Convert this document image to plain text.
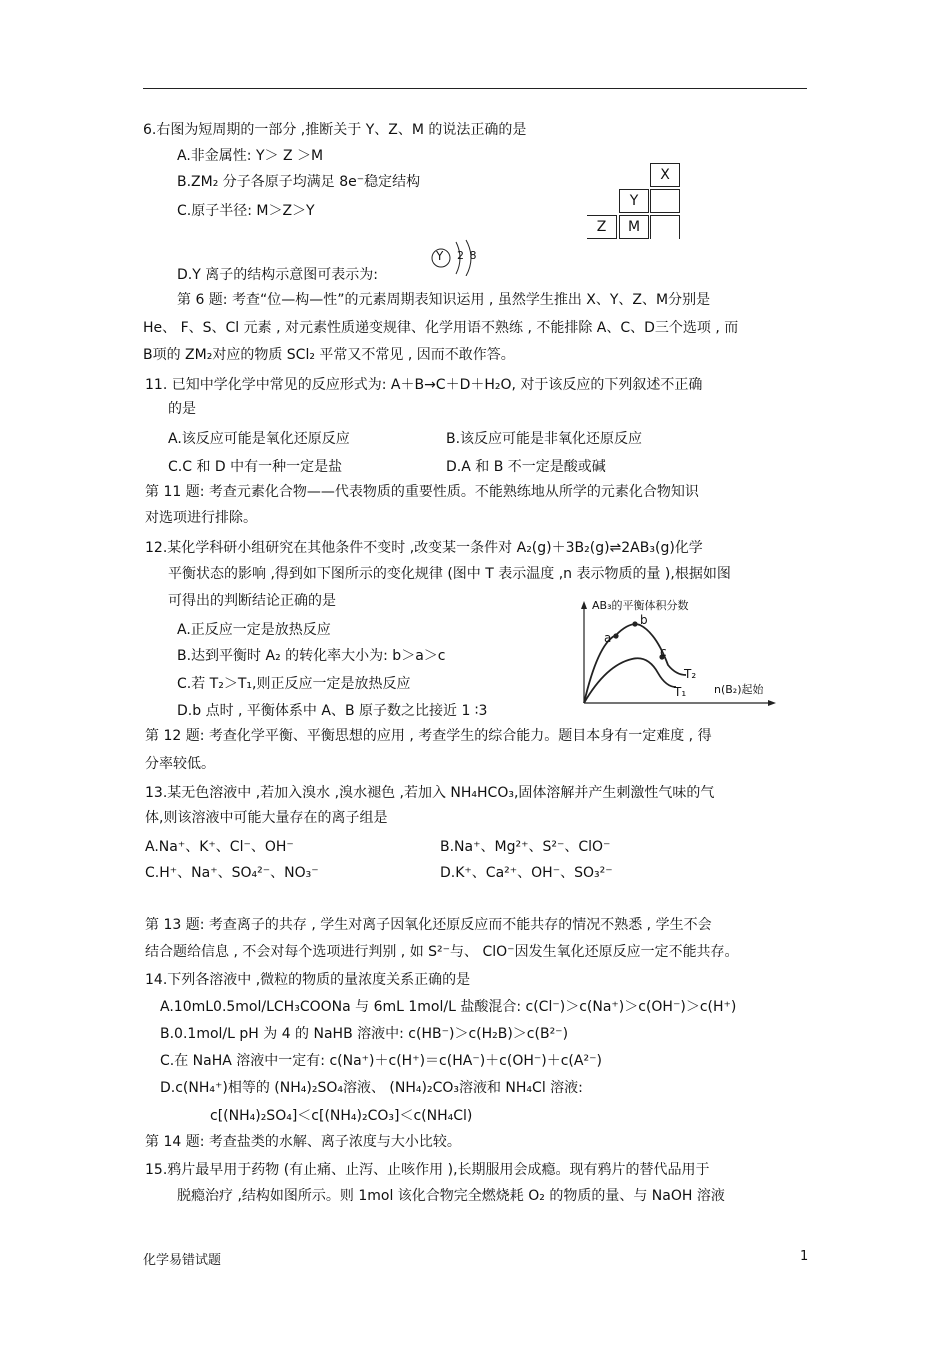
6.右图为短周期的一部分 ,推断关于 Y、Z、M 的说法正确的是
A.非金属性: Y＞ Z ＞M
B.ZM₂ 分子各原子均满足 8e⁻稳定结构
C.原子半径: M＞Z＞Y
X
Y
Z	M
Y 2 8
D.Y 离子的结构示意图可表示为:
第 6 题: 考查“位—构—性”的元素周期表知识运用 , 虽然学生推出 X、Y、Z、M分别是
He、 F、S、Cl 元素 , 对元素性质递变规律、化学用语不熟练 , 不能排除 A、C、D三个选项 , 而
B项的 ZM₂对应的物质 SCl₂ 平常又不常见 , 因而不敢作答。
11. 已知中学化学中常见的反应形式为: A＋B→C＋D＋H₂O, 对于该反应的下列叙述不正确
的是
A.该反应可能是氧化还原反应	B.该反应可能是非氧化还原反应
C.C 和 D 中有一种一定是盐	D.A 和 B 不一定是酸或碱
第 11 题: 考查元素化合物——代表物质的重要性质。不能熟练地从所学的元素化合物知识
对选项进行排除。
12.某化学科研小组研究在其他条件不变时 ,改变某一条件对 A₂(g)＋3B₂(g)⇌2AB₃(g)化学
平衡状态的影响 ,得到如下图所示的变化规律 (图中 T 表示温度 ,n 表示物质的量 ),根据如图
可得出的判断结论正确的是
A.正反应一定是放热反应
B.达到平衡时 A₂ 的转化率大小为: b＞a＞c
C.若 T₂＞T₁,则正反应一定是放热反应
D.b 点时 , 平衡体系中 A、B 原子数之比接近 1 ∶3
AB₃的平衡体积分数
a
b
c
T₂
T₁	n(B₂)起始
第 12 题: 考查化学平衡、平衡思想的应用 , 考查学生的综合能力。题目本身有一定难度 , 得
分率较低。
13.某无色溶液中 ,若加入溴水 ,溴水褪色 ,若加入 NH₄HCO₃,固体溶解并产生刺激性气味的气
体,则该溶液中可能大量存在的离子组是
A.Na⁺、K⁺、Cl⁻、OH⁻	B.Na⁺、Mg²⁺、S²⁻、ClO⁻
C.H⁺、Na⁺、SO₄²⁻、NO₃⁻	D.K⁺、Ca²⁺、OH⁻、SO₃²⁻
第 13 题: 考查离子的共存 , 学生对离子因氧化还原反应而不能共存的情况不熟悉 , 学生不会
结合题给信息 , 不会对每个选项进行判别 , 如 S²⁻与、 ClO⁻因发生氧化还原反应一定不能共存。
14.下列各溶液中 ,微粒的物质的量浓度关系正确的是
A.10mL0.5mol/LCH₃COONa 与 6mL 1mol/L 盐酸混合: c(Cl⁻)＞c(Na⁺)＞c(OH⁻)＞c(H⁺)
B.0.1mol/L pH 为 4 的 NaHB 溶液中: c(HB⁻)＞c(H₂B)＞c(B²⁻)
C.在 NaHA 溶液中一定有: c(Na⁺)＋c(H⁺)＝c(HA⁻)＋c(OH⁻)＋c(A²⁻)
D.c(NH₄⁺)相等的 (NH₄)₂SO₄溶液、 (NH₄)₂CO₃溶液和 NH₄Cl 溶液:
c[(NH₄)₂SO₄]＜c[(NH₄)₂CO₃]＜c(NH₄Cl)
第 14 题: 考查盐类的水解、离子浓度与大小比较。
15.鸦片最早用于药物 (有止痛、止泻、止咳作用 ),长期服用会成瘾。现有鸦片的替代品用于
脱瘾治疗 ,结构如图所示。则 1mol 该化合物完全燃烧耗 O₂ 的物质的量、与 NaOH 溶液
化学易错试题	1
